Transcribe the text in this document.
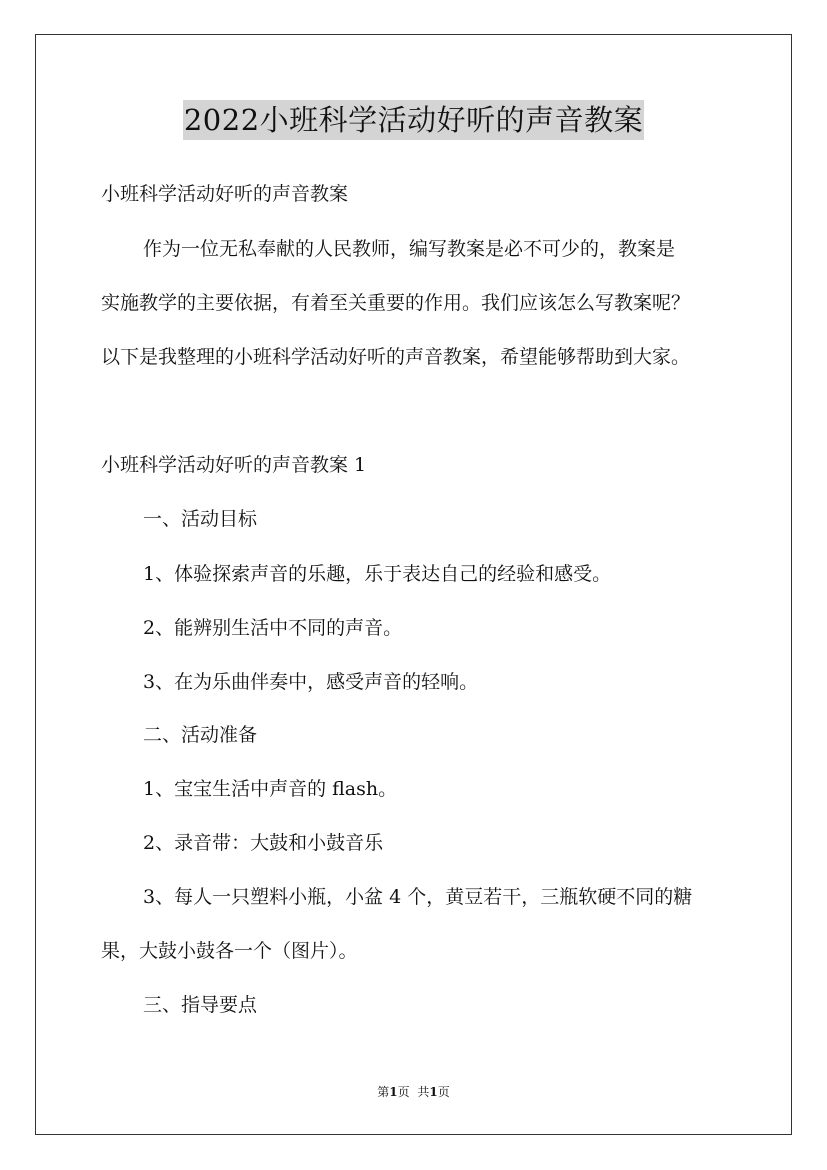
2022小班科学活动好听的声音教案

小班科学活动好听的声音教案

作为一位无私奉献的人民教师，编写教案是必不可少的，教案是

实施教学的主要依据，有着至关重要的作用。我们应该怎么写教案呢？

以下是我整理的小班科学活动好听的声音教案，希望能够帮助到大家。

小班科学活动好听的声音教案 1

一、活动目标

1、体验探索声音的乐趣，乐于表达自己的经验和感受。

2、能辨别生活中不同的声音。

3、在为乐曲伴奏中，感受声音的轻响。

二、活动准备

1、宝宝生活中声音的 flash。

2、录音带：大鼓和小鼓音乐

3、每人一只塑料小瓶，小盆 4 个，黄豆若干，三瓶软硬不同的糖

果，大鼓小鼓各一个（图片）。

三、指导要点

第1页 共1页
